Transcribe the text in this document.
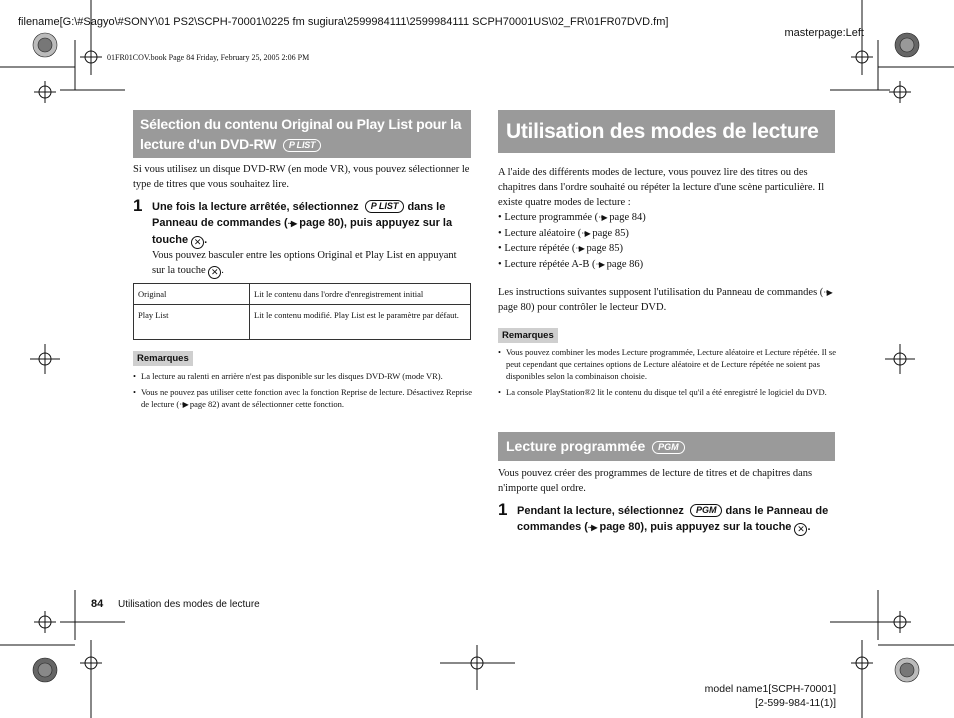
filename[G:\#Sagyo\#SONY\01 PS2\SCPH-70001\0225 fm sugiura\2599984111\2599984111 SCPH70001US\02_FR\01FR07DVD.fm]
masterpage:Left
01FR01COV.book Page 84 Friday, February 25, 2005 2:06 PM
Sélection du contenu Original ou Play List pour la lecture d'un DVD-RW P LIST
Si vous utilisez un disque DVD-RW (en mode VR), vous pouvez sélectionner le type de titres que vous souhaitez lire.
1 Une fois la lecture arrêtée, sélectionnez P LIST dans le Panneau de commandes (··▶ page 80), puis appuyez sur la touche ✕ .
Vous pouvez basculer entre les options Original et Play List en appuyant sur la touche ✕ .
Original	Lit le contenu dans l'ordre d'enregistrement initial
Play List	Lit le contenu modifié. Play List est le paramètre par défaut.
Remarques
• La lecture au ralenti en arrière n'est pas disponible sur les disques DVD-RW (mode VR).
• Vous ne pouvez pas utiliser cette fonction avec la fonction Reprise de lecture. Désactivez Reprise de lecture (··▶ page 82) avant de sélectionner cette fonction.
Utilisation des modes de lecture
A l'aide des différents modes de lecture, vous pouvez lire des titres ou des chapitres dans l'ordre souhaité ou répéter la lecture d'une scène particulière. Il existe quatre modes de lecture :
• Lecture programmée (··▶ page 84)
• Lecture aléatoire (··▶ page 85)
• Lecture répétée (··▶ page 85)
• Lecture répétée A-B (··▶ page 86)
Les instructions suivantes supposent l'utilisation du Panneau de commandes (··▶ page 80) pour contrôler le lecteur DVD.
Remarques
• Vous pouvez combiner les modes Lecture programmée, Lecture aléatoire et Lecture répétée. Il se peut cependant que certaines options de Lecture aléatoire et de Lecture répétée ne soient pas disponibles selon la combinaison choisie.
• La console PlayStation®2 lit le contenu du disque tel qu'il a été enregistré le logiciel du DVD.
Lecture programmée PGM
Vous pouvez créer des programmes de lecture de titres et de chapitres dans n'importe quel ordre.
1 Pendant la lecture, sélectionnez PGM dans le Panneau de commandes (··▶ page 80), puis appuyez sur la touche ✕ .
84 Utilisation des modes de lecture
model name1[SCPH-70001]
[2-599-984-11(1)]
